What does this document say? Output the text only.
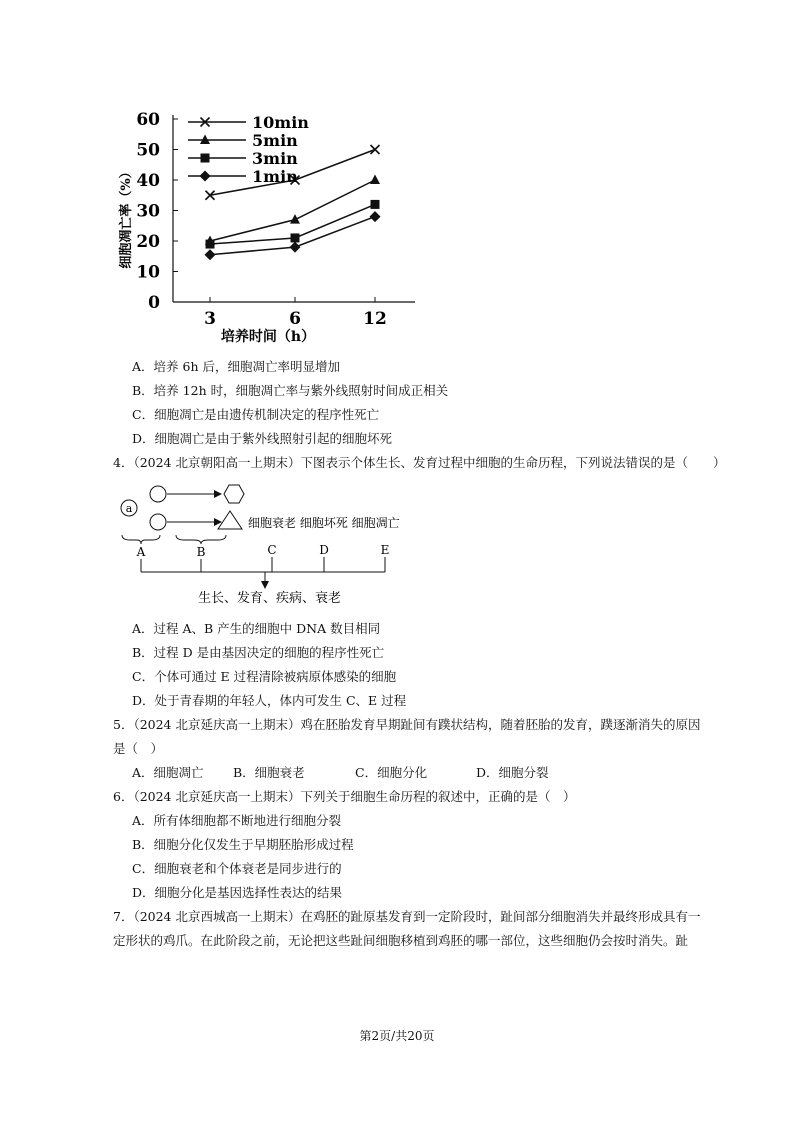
0
10
20
30
40
50
60
3	6	12
10min
5min
3min
1min
培养时间（h）
细胞凋亡率（%）
A．培养 6h 后，细胞凋亡率明显增加
B．培养 12h 时，细胞凋亡率与紫外线照射时间成正相关
C．细胞凋亡是由遗传机制决定的程序性死亡
D．细胞凋亡是由于紫外线照射引起的细胞坏死
4．（2024 北京朝阳高一上期末）下图表示个体生长、发育过程中细胞的生命历程，下列说法错误的是（　　）
a
细胞衰老 细胞坏死 细胞凋亡
A	B	C	D	E
生长、发育、疾病、衰老
A．过程 A、B 产生的细胞中 DNA 数目相同
B．过程 D 是由基因决定的细胞的程序性死亡
C．个体可通过 E 过程清除被病原体感染的细胞
D．处于青春期的年轻人，体内可发生 C、E 过程
5．（2024 北京延庆高一上期末）鸡在胚胎发育早期趾间有蹼状结构，随着胚胎的发育，蹼逐渐消失的原因
是（　）
A．细胞凋亡 B．细胞衰老	C．细胞分化	D．细胞分裂
6．（2024 北京延庆高一上期末）下列关于细胞生命历程的叙述中，正确的是（　）
A．所有体细胞都不断地进行细胞分裂
B．细胞分化仅发生于早期胚胎形成过程
C．细胞衰老和个体衰老是同步进行的
D．细胞分化是基因选择性表达的结果
7．（2024 北京西城高一上期末）在鸡胚的趾原基发育到一定阶段时，趾间部分细胞消失并最终形成具有一
定形状的鸡爪。在此阶段之前，无论把这些趾间细胞移植到鸡胚的哪一部位，这些细胞仍会按时消失。趾
第2页/共20页
